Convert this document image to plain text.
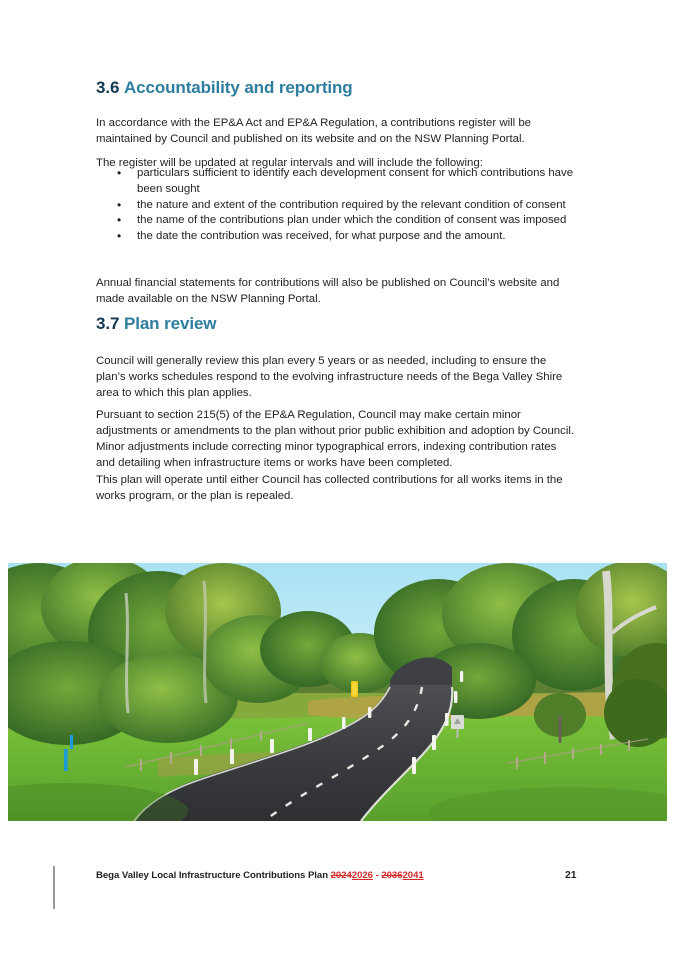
3.6 Accountability and reporting

In accordance with the EP&A Act and EP&A Regulation, a contributions register will be maintained by Council and published on its website and on the NSW Planning Portal.

The register will be updated at regular intervals and will include the following:

•	particulars sufficient to identify each development consent for which contributions have been sought
•	the nature and extent of the contribution required by the relevant condition of consent
•	the name of the contributions plan under which the condition of consent was imposed
•	the date the contribution was received, for what purpose and the amount.

Annual financial statements for contributions will also be published on Council’s website and made available on the NSW Planning Portal.

3.7 Plan review

Council will generally review this plan every 5 years or as needed, including to ensure the plan’s works schedules respond to the evolving infrastructure needs of the Bega Valley Shire area to which this plan applies.

Pursuant to section 215(5) of the EP&A Regulation, Council may make certain minor adjustments or amendments to the plan without prior public exhibition and adoption by Council. Minor adjustments include correcting minor typographical errors, indexing contribution rates and detailing when infrastructure items or works have been completed.

This plan will operate until either Council has collected contributions for all works items in the works program, or the plan is repealed.

Bega Valley Local Infrastructure Contributions Plan 20242026 - 20362041	21
